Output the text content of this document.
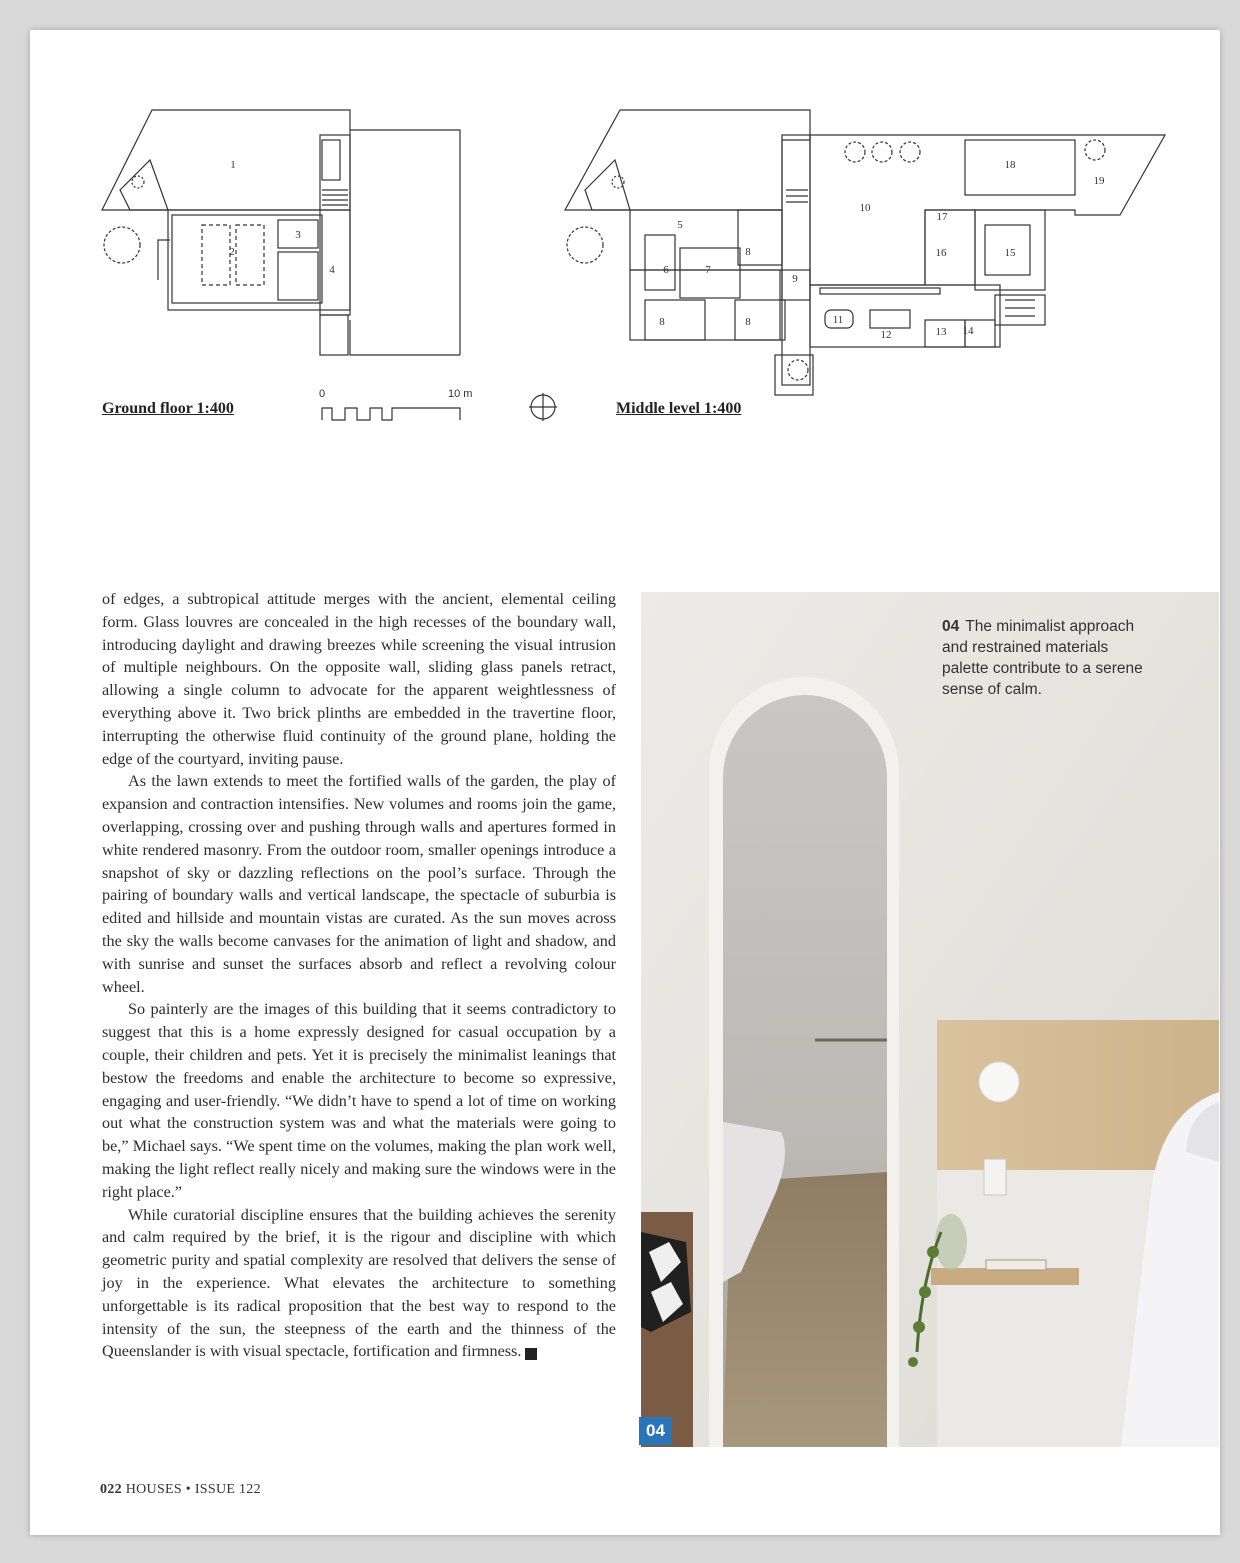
1
2
3
4
5
6	7
8
8	8
9
10
11
12	13 14
15
16
17
18
19
0	10 m
Ground floor 1:400	Middle level 1:400

of edges, a subtropical attitude merges with the ancient, elemental ceiling form. Glass louvres are concealed in the high recesses of the boundary wall, introducing daylight and drawing breezes while screening the visual intrusion of multiple neighbours. On the opposite wall, sliding glass panels retract, allowing a single column to advocate for the apparent weightlessness of everything above it. Two brick plinths are embedded in the travertine floor, interrupting the otherwise fluid continuity of the ground plane, holding the edge of the courtyard, inviting pause.

As the lawn extends to meet the fortified walls of the garden, the play of expansion and contraction intensifies. New volumes and rooms join the game, overlapping, crossing over and pushing through walls and apertures formed in white rendered masonry. From the outdoor room, smaller openings introduce a snapshot of sky or dazzling reflections on the pool’s surface. Through the pairing of boundary walls and vertical landscape, the spectacle of suburbia is edited and hillside and mountain vistas are curated. As the sun moves across the sky the walls become canvases for the animation of light and shadow, and with sunrise and sunset the surfaces absorb and reflect a revolving colour wheel.

So painterly are the images of this building that it seems contradictory to suggest that this is a home expressly designed for casual occupation by a couple, their children and pets. Yet it is precisely the minimalist leanings that bestow the freedoms and enable the architecture to become so expressive, engaging and user-friendly. “We didn’t have to spend a lot of time on working out what the construction system was and what the materials were going to be,” Michael says. “We spent time on the volumes, making the plan work well, making the light reflect really nicely and making sure the windows were in the right place.”

While curatorial discipline ensures that the building achieves the serenity and calm required by the brief, it is the rigour and discipline with which geometric purity and spatial complexity are resolved that delivers the sense of joy in the experience. What elevates the architecture to something unforgettable is its radical proposition that the best way to respond to the intensity of the sun, the steepness of the earth and the thinness of the Queenslander is with visual spectacle, fortification and firmness.	H

04 The minimalist approach and restrained materials palette contribute to a serene sense of calm.
04
022 HOUSES • ISSUE 122
